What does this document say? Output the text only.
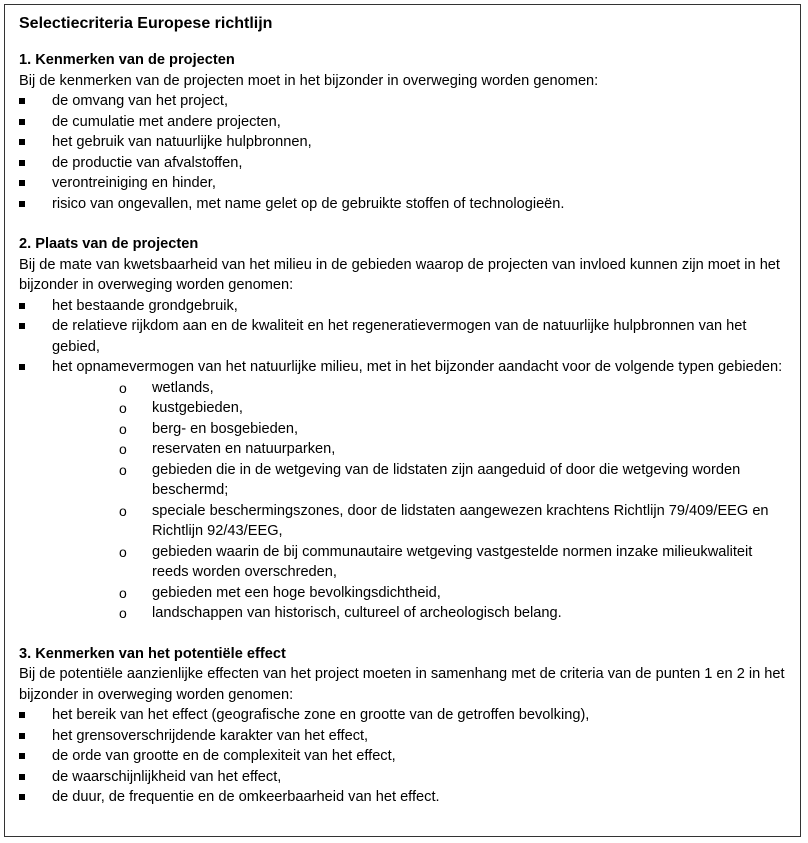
Selectiecriteria Europese richtlijn
1. Kenmerken van de projecten

Bij de kenmerken van de projecten moet in het bijzonder in overweging worden genomen:

de omvang van het project,
de cumulatie met andere projecten,
het gebruik van natuurlijke hulpbronnen,
de productie van afvalstoffen,
verontreiniging en hinder,
risico van ongevallen, met name gelet op de gebruikte stoffen of technologieën.
2. Plaats van de projecten

Bij de mate van kwetsbaarheid van het milieu in de gebieden waarop de projecten van invloed kunnen zijn moet in het bijzonder in overweging worden genomen:

het bestaande grondgebruik,
de relatieve rijkdom aan en de kwaliteit en het regeneratievermogen van de natuurlijke hulpbronnen van het gebied,
het opnamevermogen van het natuurlijke milieu, met in het bijzonder aandacht voor de volgende typen gebieden:
o wetlands,
o kustgebieden,
o berg- en bosgebieden,
o reservaten en natuurparken,
o gebieden die in de wetgeving van de lidstaten zijn aangeduid of door die wetgeving worden beschermd;
o speciale beschermingszones, door de lidstaten aangewezen krachtens Richtlijn 79/409/EEG en Richtlijn 92/43/EEG,
o gebieden waarin de bij communautaire wetgeving vastgestelde normen inzake milieukwaliteit reeds worden overschreden,
o gebieden met een hoge bevolkingsdichtheid,
o landschappen van historisch, cultureel of archeologisch belang.
3. Kenmerken van het potentiële effect

Bij de potentiële aanzienlijke effecten van het project moeten in samenhang met de criteria van de punten 1 en 2 in het bijzonder in overweging worden genomen:

het bereik van het effect (geografische zone en grootte van de getroffen bevolking),
het grensoverschrijdende karakter van het effect,
de orde van grootte en de complexiteit van het effect,
de waarschijnlijkheid van het effect,
de duur, de frequentie en de omkeerbaarheid van het effect.
